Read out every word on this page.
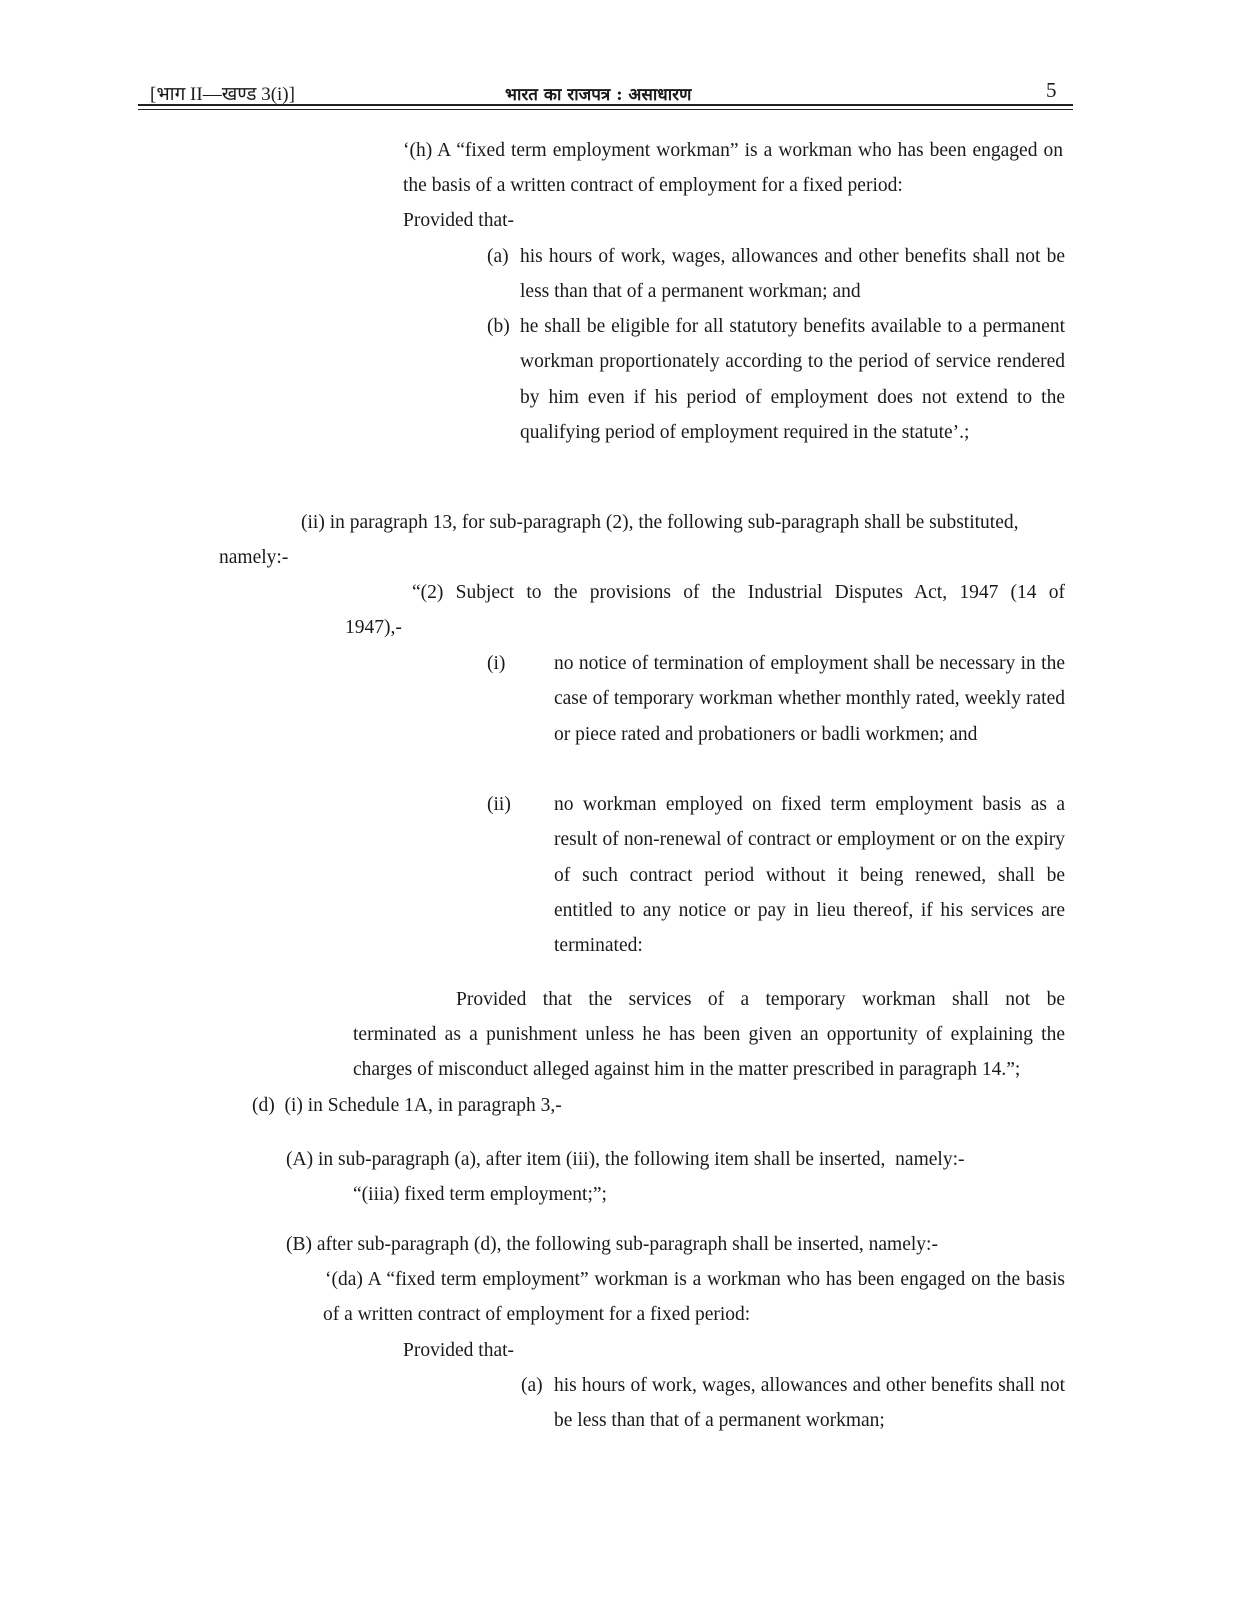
[भाग II—खण्ड 3(i)]	भारत का राजपत्र : असाधारण	5
‘(h) A “fixed term employment workman” is a workman who has been engaged on the basis of a written contract of employment for a fixed period:
Provided that-
(a) his hours of work, wages, allowances and other benefits shall not be less than that of a permanent workman; and
(b) he shall be eligible for all statutory benefits available to a permanent workman proportionately according to the period of service rendered by him even if his period of employment does not extend to the qualifying period of employment required in the statute’.;
(ii) in paragraph 13, for sub-paragraph (2), the following sub-paragraph shall be substituted,
namely:-
“(2) Subject to the provisions of the Industrial Disputes Act, 1947 (14 of
1947),-
(i) no notice of termination of employment shall be necessary in the case of temporary workman whether monthly rated, weekly rated or piece rated and probationers or badli workmen; and
(ii) no workman employed on fixed term employment basis as a result of non-renewal of contract or employment or on the expiry of such contract period without it being renewed, shall be entitled to any notice or pay in lieu thereof, if his services are terminated:
Provided that the services of a temporary workman shall not be
terminated as a punishment unless he has been given an opportunity of explaining the charges of misconduct alleged against him in the matter prescribed in paragraph 14.”;
(d)  (i) in Schedule 1A, in paragraph 3,-
(A) in sub-paragraph (a), after item (iii), the following item shall be inserted,  namely:-
“(iiia) fixed term employment;”;
(B) after sub-paragraph (d), the following sub-paragraph shall be inserted, namely:-
‘(da) A “fixed term employment” workman is a workman who has been engaged on the basis of a written contract of employment for a fixed period:
Provided that-
(a) his hours of work, wages, allowances and other benefits shall not be less than that of a permanent workman;
